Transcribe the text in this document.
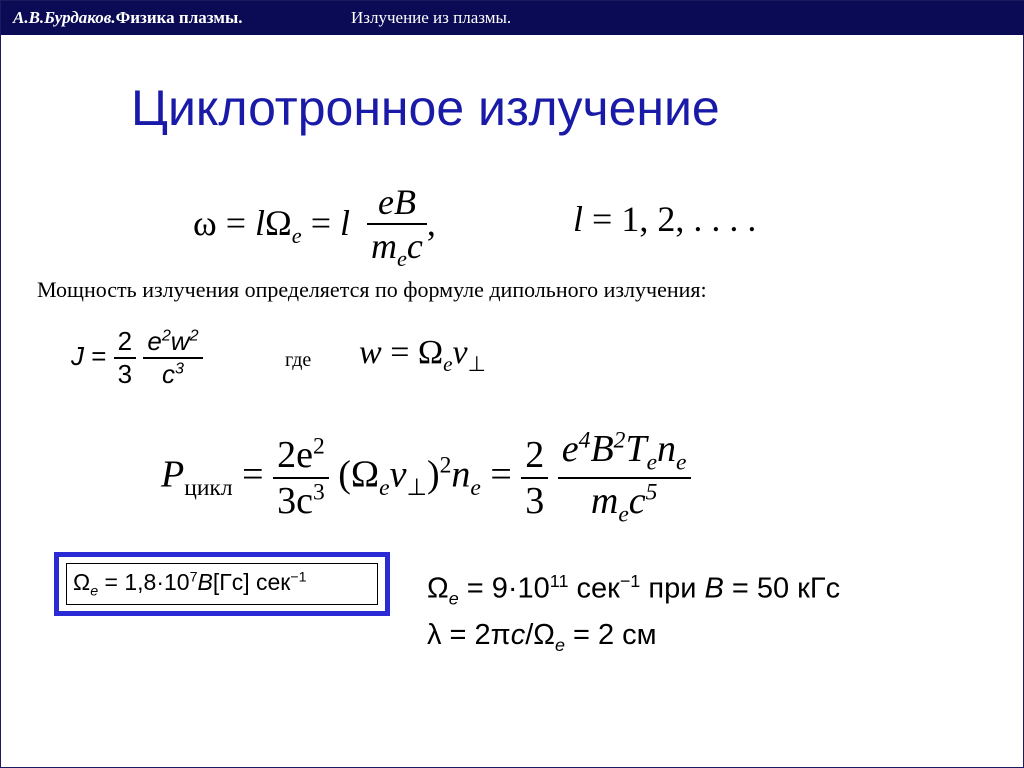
А.В.Бурдаков.Физика плазмы.	Излучение из плазмы.
Циклотронное излучение
$\omega = l\Omega_e = l \frac{eB}{m_ec}$ ,	l = 1, 2, . . . .
Мощность излучения определяется по формуле дипольного излучения:
$J = \frac{2}{3}$
$\frac{e^2w^2}{c^3}$	где $w = \Omega_ev_\perp$
$P_{цикл} = \frac{2e^2}{3c^3} (\Omega_ev_\perp)^2n_e = \frac{2}{3}$
$\frac{e^4B^2T_en_e}{m_ec^5}$
$\Omega_e = 1,8\cdot 10^7B[Гс]$ сек$^{-1}$	$\Omega_e = 9\cdot 10^{11}$ сек$^{-1}$ при B = 50 кГс
$\lambda = 2\pi c/\Omega_e = 2$ см
